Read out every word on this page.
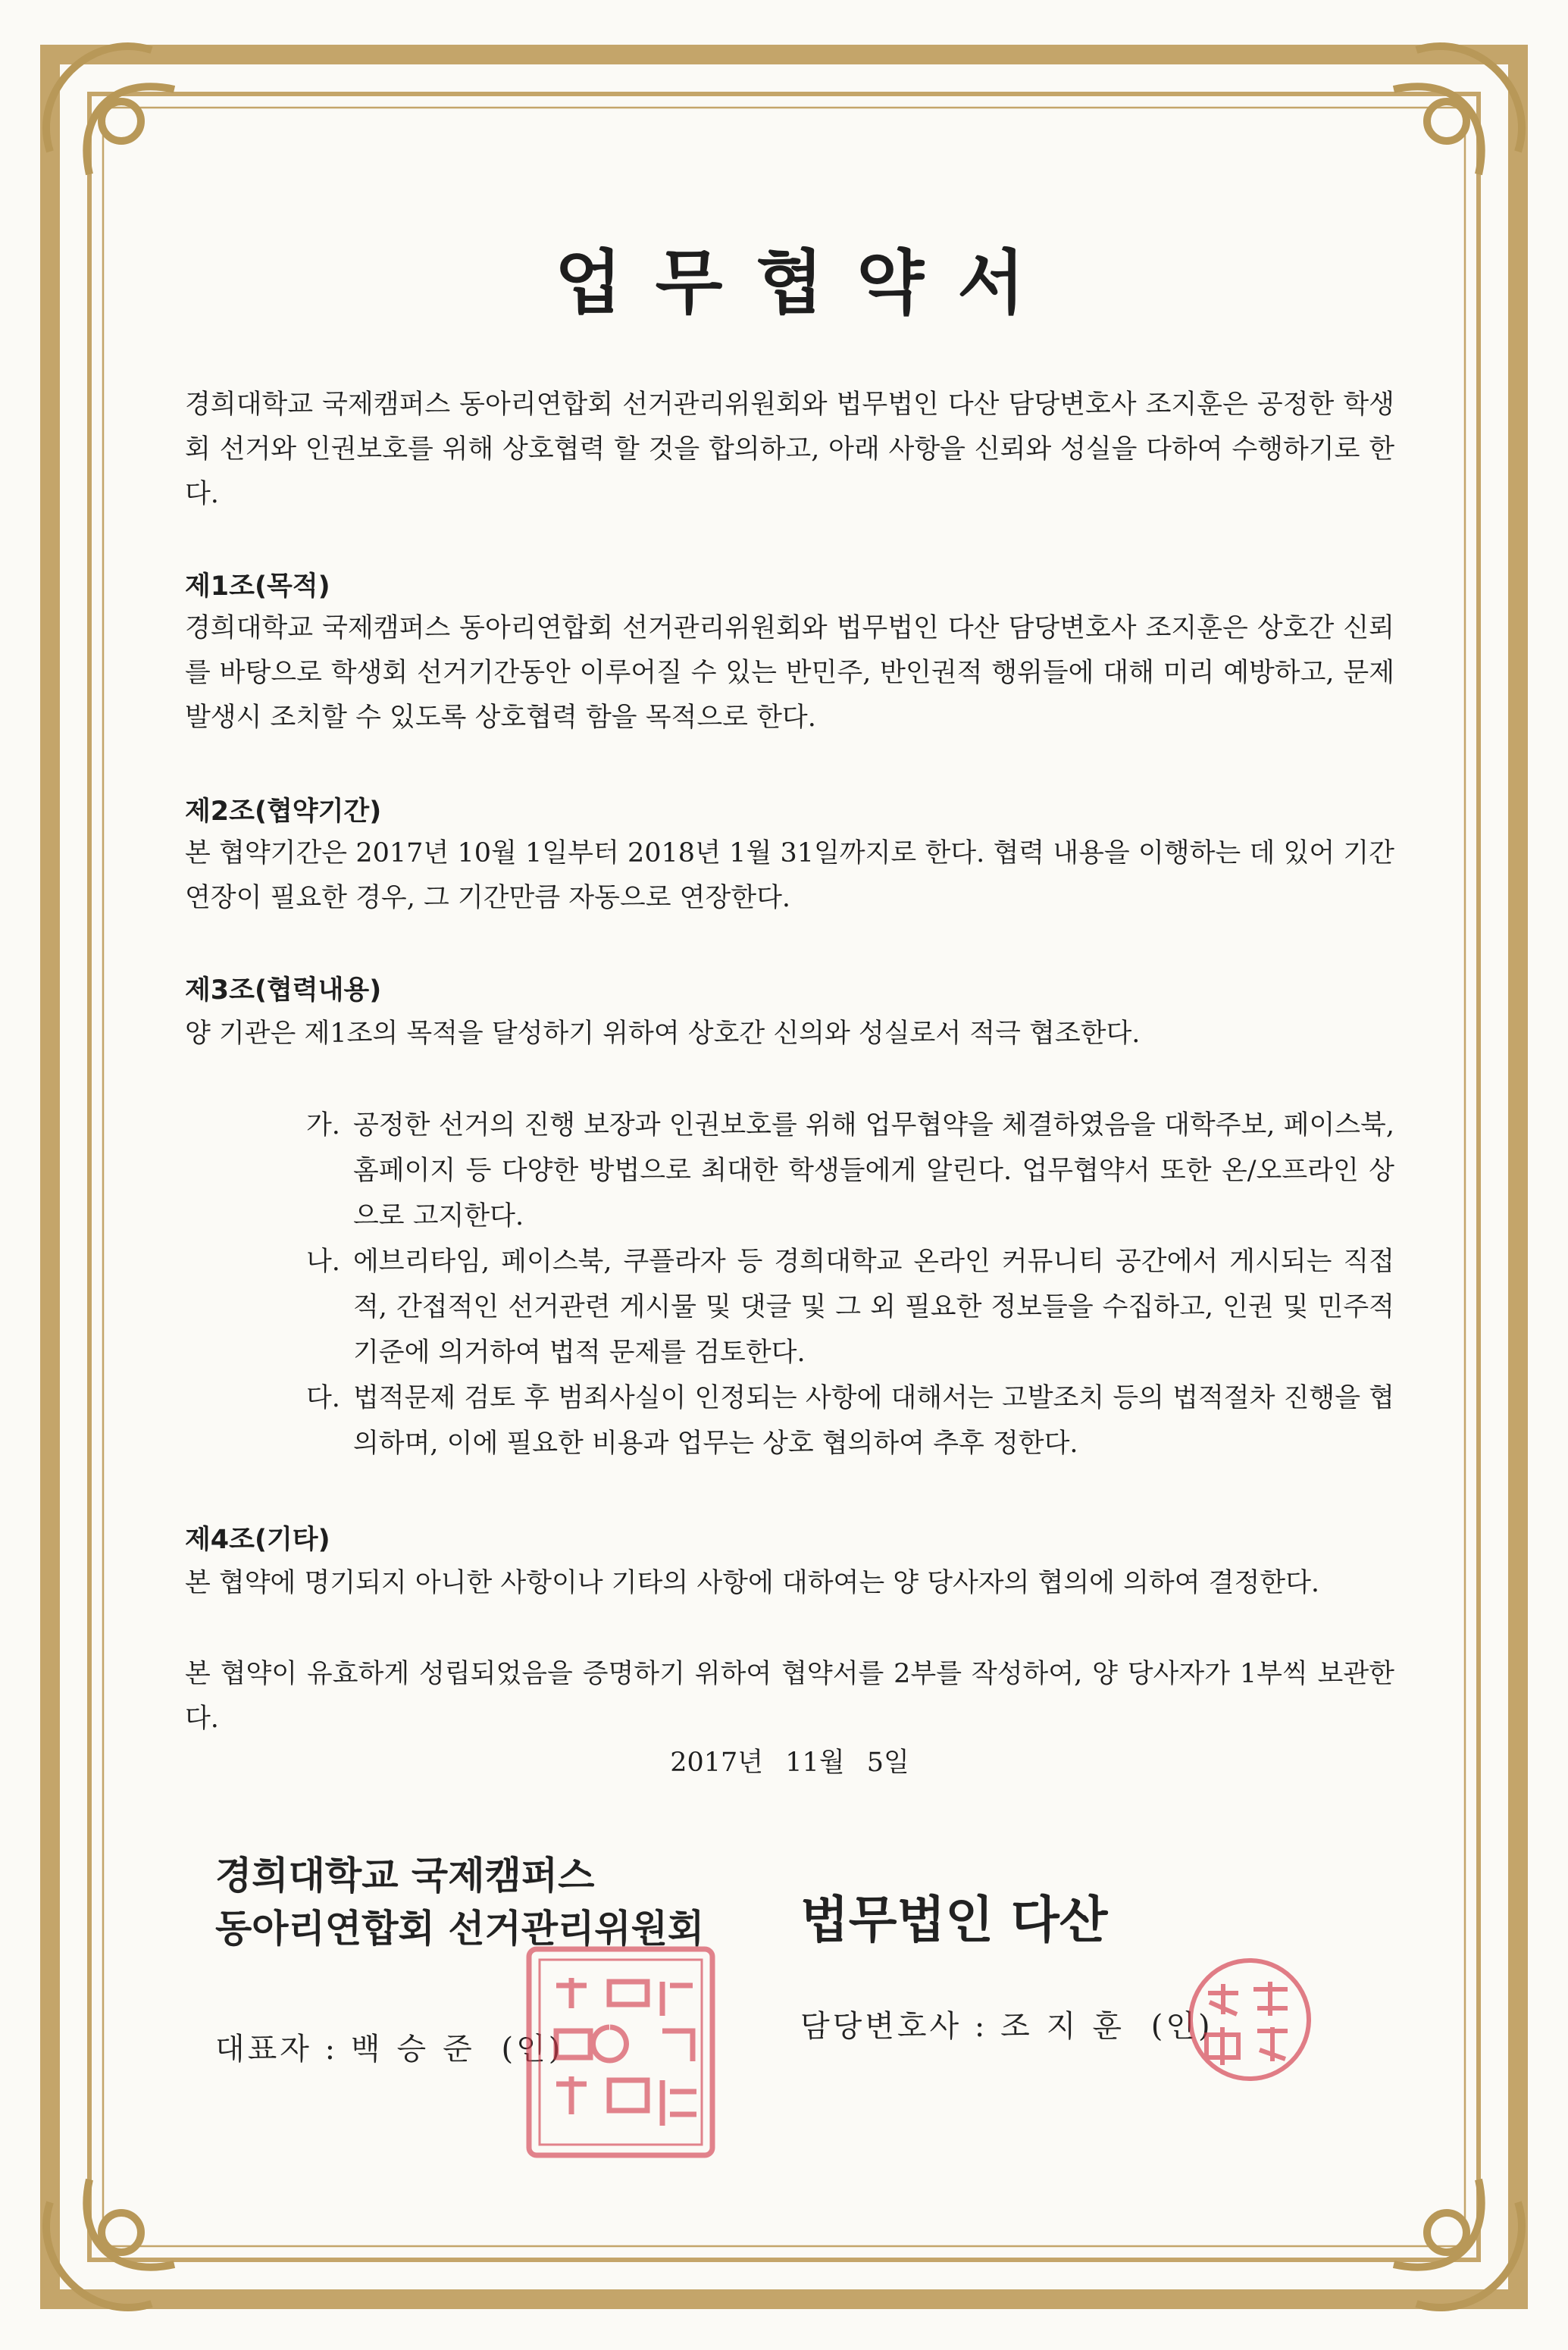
업무협약서

경희대학교 국제캠퍼스 동아리연합회 선거관리위원회와 법무법인 다산 담당변호사 조지훈은 공정한 학생회 선거와 인권보호를 위해 상호협력 할 것을 합의하고, 아래 사항을 신뢰와 성실을 다하여 수행하기로 한다.

제1조(목적)

경희대학교 국제캠퍼스 동아리연합회 선거관리위원회와 법무법인 다산 담당변호사 조지훈은 상호간 신뢰를 바탕으로 학생회 선거기간동안 이루어질 수 있는 반민주, 반인권적 행위들에 대해 미리 예방하고, 문제 발생시 조치할 수 있도록 상호협력 함을 목적으로 한다.

제2조(협약기간)

본 협약기간은 2017년 10월 1일부터 2018년 1월 31일까지로 한다. 협력 내용을 이행하는 데 있어 기간연장이 필요한 경우, 그 기간만큼 자동으로 연장한다.

제3조(협력내용)

양 기관은 제1조의 목적을 달성하기 위하여 상호간 신의와 성실로서 적극 협조한다.

가. 공정한 선거의 진행 보장과 인권보호를 위해 업무협약을 체결하였음을 대학주보, 페이스북, 홈페이지 등 다양한 방법으로 최대한 학생들에게 알린다. 업무협약서 또한 온/오프라인 상으로 고지한다.
나. 에브리타임, 페이스북, 쿠플라자 등 경희대학교 온라인 커뮤니티 공간에서 게시되는 직접적, 간접적인 선거관련 게시물 및 댓글 및 그 외 필요한 정보들을 수집하고, 인권 및 민주적 기준에 의거하여 법적 문제를 검토한다.
다. 법적문제 검토 후 범죄사실이 인정되는 사항에 대해서는 고발조치 등의 법적절차 진행을 협의하며, 이에 필요한 비용과 업무는 상호 협의하여 추후 정한다.
제4조(기타)

본 협약에 명기되지 아니한 사항이나 기타의 사항에 대하여는 양 당사자의 협의에 의하여 결정한다.

본 협약이 유효하게 성립되었음을 증명하기 위하여 협약서를 2부를 작성하여, 양 당사자가 1부씩 보관한다.

2017년 11월 5일
경희대학교 국제캠퍼스
동아리연합회 선거관리위원회
대표자 : 백승준 (인)
법무법인 다산
담당변호사 : 조지훈 (인)
